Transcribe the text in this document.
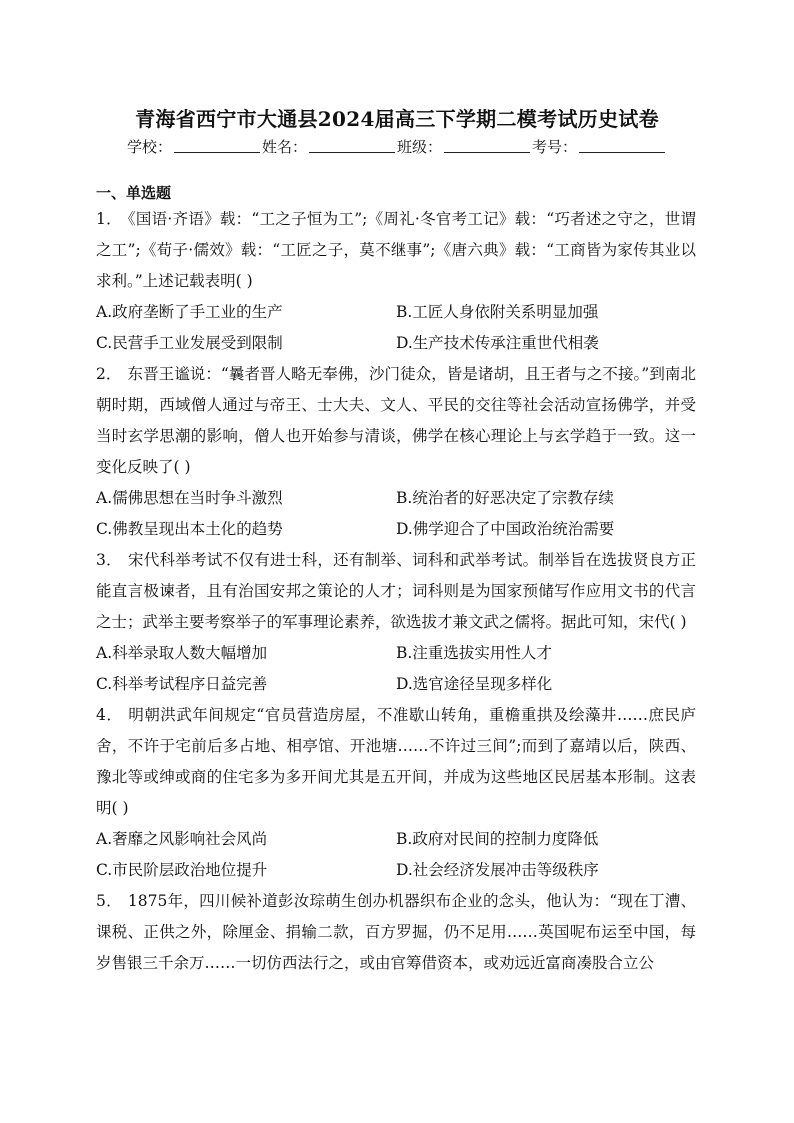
青海省西宁市大通县2024届高三下学期二模考试历史试卷
学校：	姓名：	班级：	考号：
一、单选题
1． 《国语·齐语》载：“工之子恒为工”;《周礼·冬官考工记》载：“巧者述之守之，世谓之工”;《荀子·儒效》载：“工匠之子，莫不继事”;《唐六典》载：“工商皆为家传其业以求利。”上述记载表明( )
A.政府垄断了手工业的生产	B.工匠人身依附关系明显加强
C.民营手工业发展受到限制	D.生产技术传承注重世代相袭
2． 东晋王谧说：“曩者晋人略无奉佛，沙门徒众，皆是诸胡，且王者与之不接。”到南北朝时期，西域僧人通过与帝王、士大夫、文人、平民的交往等社会活动宣扬佛学，并受当时玄学思潮的影响，僧人也开始参与清谈，佛学在核心理论上与玄学趋于一致。这一变化反映了( )
A.儒佛思想在当时争斗激烈	B.统治者的好恶决定了宗教存续
C.佛教呈现出本土化的趋势	D.佛学迎合了中国政治统治需要
3． 宋代科举考试不仅有进士科，还有制举、词科和武举考试。制举旨在选拔贤良方正能直言极谏者，且有治国安邦之策论的人才；词科则是为国家预储写作应用文书的代言之士；武举主要考察举子的军事理论素养，欲选拔才兼文武之儒将。据此可知，宋代( )
A.科举录取人数大幅增加	B.注重选拔实用性人才
C.科举考试程序日益完善	D.选官途径呈现多样化
4． 明朝洪武年间规定“官员营造房屋，不准歇山转角，重檐重拱及绘藻井……庶民庐舍，不许于宅前后多占地、相亭馆、开池塘……不许过三间”;而到了嘉靖以后，陕西、豫北等或绅或商的住宅多为多开间尤其是五开间，并成为这些地区民居基本形制。这表明( )
A.奢靡之风影响社会风尚	B.政府对民间的控制力度降低
C.市民阶层政治地位提升	D.社会经济发展冲击等级秩序
5． 1875年，四川候补道彭汝琮萌生创办机器织布企业的念头，他认为：“现在丁漕、课税、正供之外，除厘金、捐输二款，百方罗掘，仍不足用……英国呢布运至中国，每岁售银三千余万……一切仿西法行之，或由官筹借资本，或劝远近富商凑股合立公
